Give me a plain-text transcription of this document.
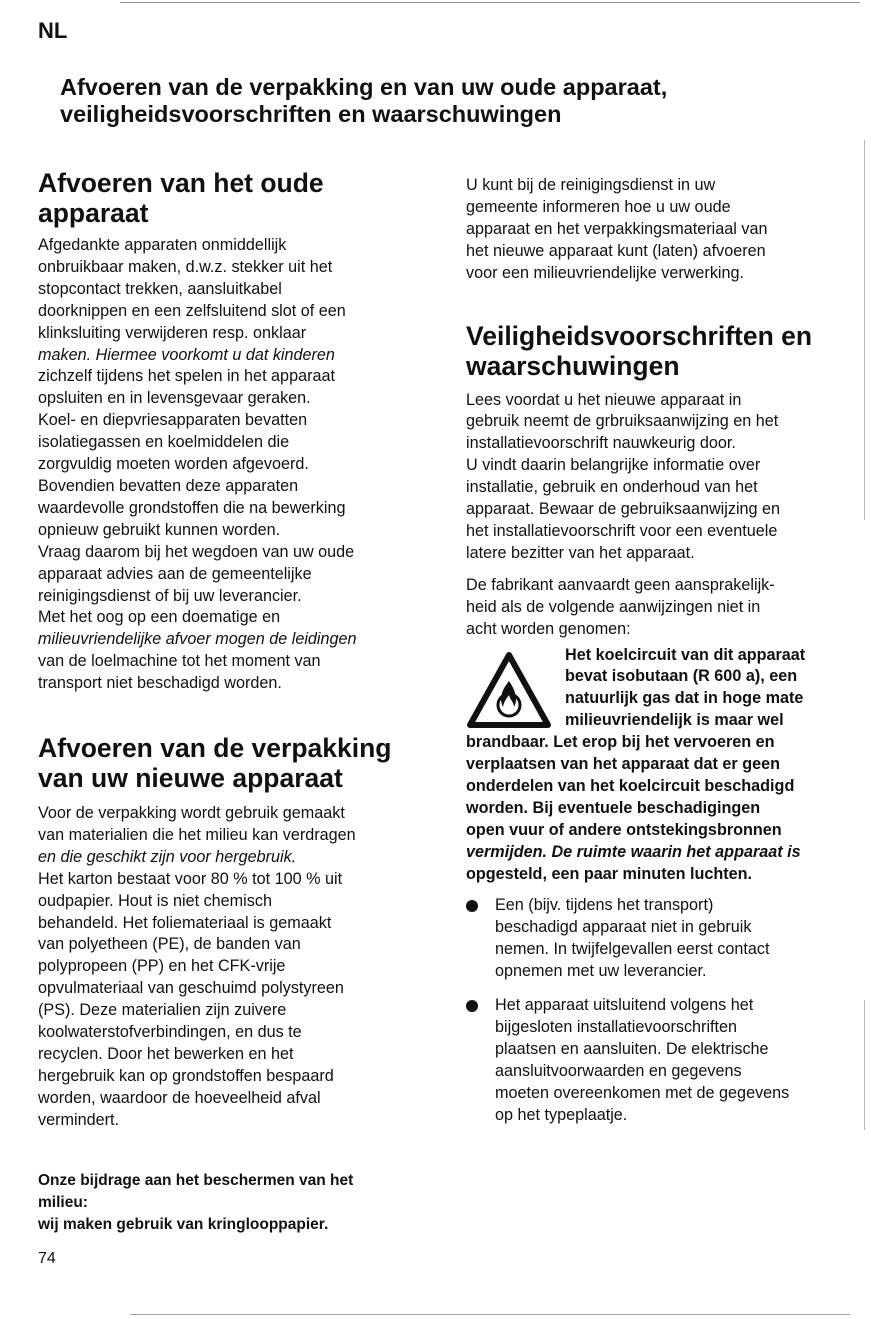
NL
Afvoeren van de verpakking en van uw oude apparaat,
veiligheidsvoorschriften en waarschuwingen
Afvoeren van het oude
apparaat
Afgedankte apparaten onmiddellijk
onbruikbaar maken, d.w.z. stekker uit het
stopcontact trekken, aansluitkabel
doorknippen en een zelfsluitend slot of een
klinksluiting verwijderen resp. onklaar
maken. Hiermee voorkomt u dat kinderen
zichzelf tijdens het spelen in het apparaat
opsluiten en in levensgevaar geraken.
Koel- en diepvriesapparaten bevatten
isolatiegassen en koelmiddelen die
zorgvuldig moeten worden afgevoerd.
Bovendien bevatten deze apparaten
waardevolle grondstoffen die na bewerking
opnieuw gebruikt kunnen worden.
Vraag daarom bij het wegdoen van uw oude
apparaat advies aan de gemeentelijke
reinigingsdienst of bij uw leverancier.
Met het oog op een doematige en
milieuvriendelijke afvoer mogen de leidingen
van de loelmachine tot het moment van
transport niet beschadigd worden.
Afvoeren van de verpakking
van uw nieuwe apparaat
Voor de verpakking wordt gebruik gemaakt
van materialien die het milieu kan verdragen
en die geschikt zijn voor hergebruik.
Het karton bestaat voor 80 % tot 100 % uit
oudpapier. Hout is niet chemisch
behandeld. Het foliemateriaal is gemaakt
van polyetheen (PE), de banden van
polypropeen (PP) en het CFK-vrije
opvulmateriaal van geschuimd polystyreen
(PS). Deze materialien zijn zuivere
koolwaterstofverbindingen, en dus te
recyclen. Door het bewerken en het
hergebruik kan op grondstoffen bespaard
worden, waardoor de hoeveelheid afval
vermindert.
Onze bijdrage aan het beschermen van het
milieu:
wij maken gebruik van kringlooppapier.
74
U kunt bij de reinigingsdienst in uw
gemeente informeren hoe u uw oude
apparaat en het verpakkingsmateriaal van
het nieuwe apparaat kunt (laten) afvoeren
voor een milieuvriendelijke verwerking.
Veiligheidsvoorschriften en
waarschuwingen
Lees voordat u het nieuwe apparaat in
gebruik neemt de grbruiksaanwijzing en het
installatievoorschrift nauwkeurig door.
U vindt daarin belangrijke informatie over
installatie, gebruik en onderhoud van het
apparaat. Bewaar de gebruiksaanwijzing en
het installatievoorschrift voor een eventuele
latere bezitter van het apparaat.
De fabrikant aanvaardt geen aansprakelijk-
heid als de volgende aanwijzingen niet in
acht worden genomen:
Het koelcircuit van dit apparaat
bevat isobutaan (R 600 a), een
natuurlijk gas dat in hoge mate
milieuvriendelijk is maar wel
brandbaar. Let erop bij het vervoeren en
verplaatsen van het apparaat dat er geen
onderdelen van het koelcircuit beschadigd
worden. Bij eventuele beschadigingen
open vuur of andere ontstekingsbronnen
vermijden. De ruimte waarin het apparaat is
opgesteld, een paar minuten luchten.
Een (bijv. tijdens het transport)
beschadigd apparaat niet in gebruik
nemen. In twijfelgevallen eerst contact
opnemen met uw leverancier.
Het apparaat uitsluitend volgens het
bijgesloten installatievoorschriften
plaatsen en aansluiten. De elektrische
aansluitvoorwaarden en gegevens
moeten overeenkomen met de gegevens
op het typeplaatje.
